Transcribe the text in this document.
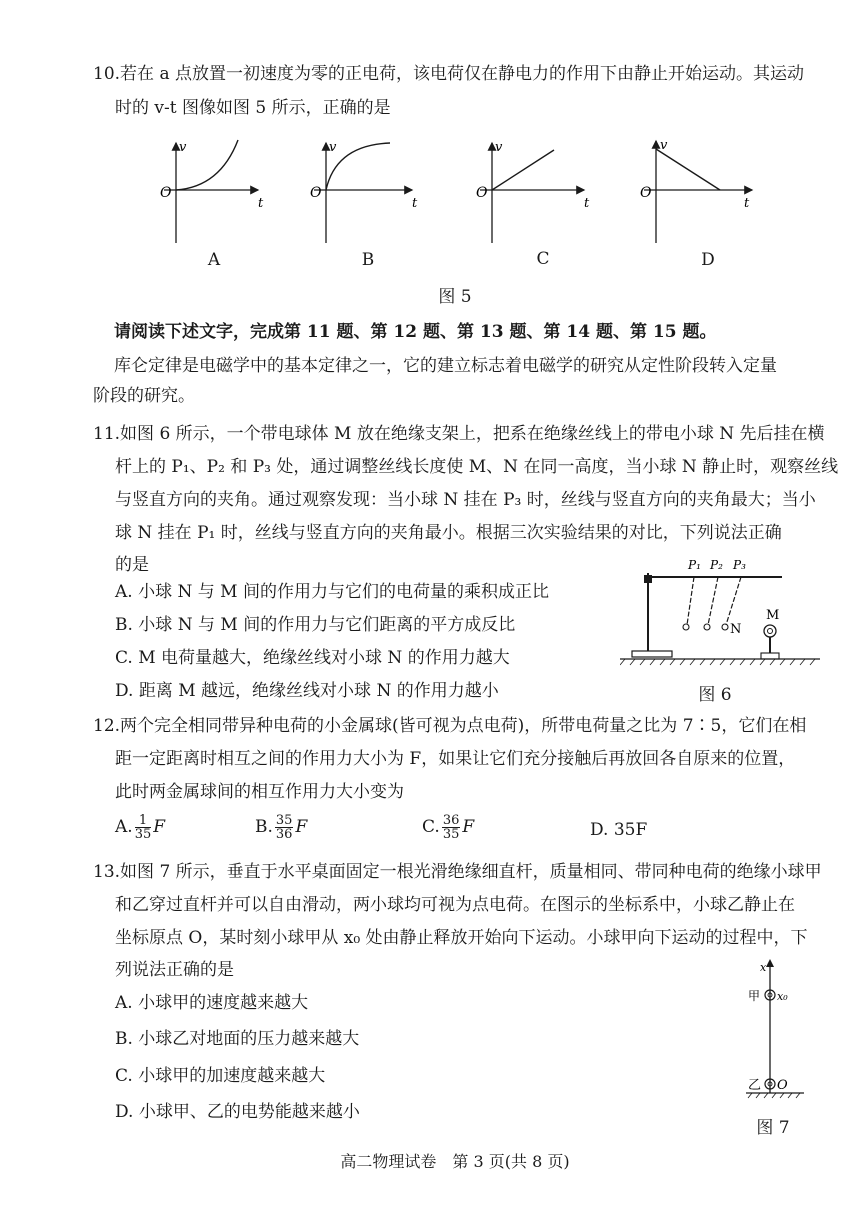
10.若在 a 点放置一初速度为零的正电荷，该电荷仅在静电力的作用下由静止开始运动。其运动
时的 v-t 图像如图 5 所示，正确的是
v
t
O
v
t
O
v
t
O
v
t
O
A	B	C	D
图 5
请阅读下述文字，完成第 11 题、第 12 题、第 13 题、第 14 题、第 15 题。
库仑定律是电磁学中的基本定律之一，它的建立标志着电磁学的研究从定性阶段转入定量
阶段的研究。
11.如图 6 所示，一个带电球体 M 放在绝缘支架上，把系在绝缘丝线上的带电小球 N 先后挂在横
杆上的 P₁、P₂ 和 P₃ 处，通过调整丝线长度使 M、N 在同一高度，当小球 N 静止时，观察丝线
与竖直方向的夹角。通过观察发现：当小球 N 挂在 P₃ 时，丝线与竖直方向的夹角最大；当小
球 N 挂在 P₁ 时，丝线与竖直方向的夹角最小。根据三次实验结果的对比，下列说法正确
的是
A. 小球 N 与 M 间的作用力与它们的电荷量的乘积成正比
B. 小球 N 与 M 间的作用力与它们距离的平方成反比
C. M 电荷量越大，绝缘丝线对小球 N 的作用力越大
D. 距离 M 越远，绝缘丝线对小球 N 的作用力越小
P₁ P₂ P₃
M
N
图 6
12.两个完全相同带异种电荷的小金属球(皆可视为点电荷)，所带电荷量之比为 7∶5，它们在相
距一定距离时相互之间的作用力大小为 F，如果让它们充分接触后再放回各自原来的位置，
此时两金属球间的相互作用力大小变为
A. $\frac{1}{35}$ F	B. $\frac{35}{36}$ F	C. $\frac{36}{35}$ F	D. 35F
13.如图 7 所示，垂直于水平桌面固定一根光滑绝缘细直杆，质量相同、带同种电荷的绝缘小球甲
和乙穿过直杆并可以自由滑动，两小球均可视为点电荷。在图示的坐标系中，小球乙静止在
坐标原点 O，某时刻小球甲从 x₀ 处由静止释放开始向下运动。小球甲向下运动的过程中，下
列说法正确的是
A. 小球甲的速度越来越大
B. 小球乙对地面的压力越来越大
C. 小球甲的加速度越来越大
D. 小球甲、乙的电势能越来越小
x
甲 x₀
乙 O
图 7
高二物理试卷　第 3 页(共 8 页)
